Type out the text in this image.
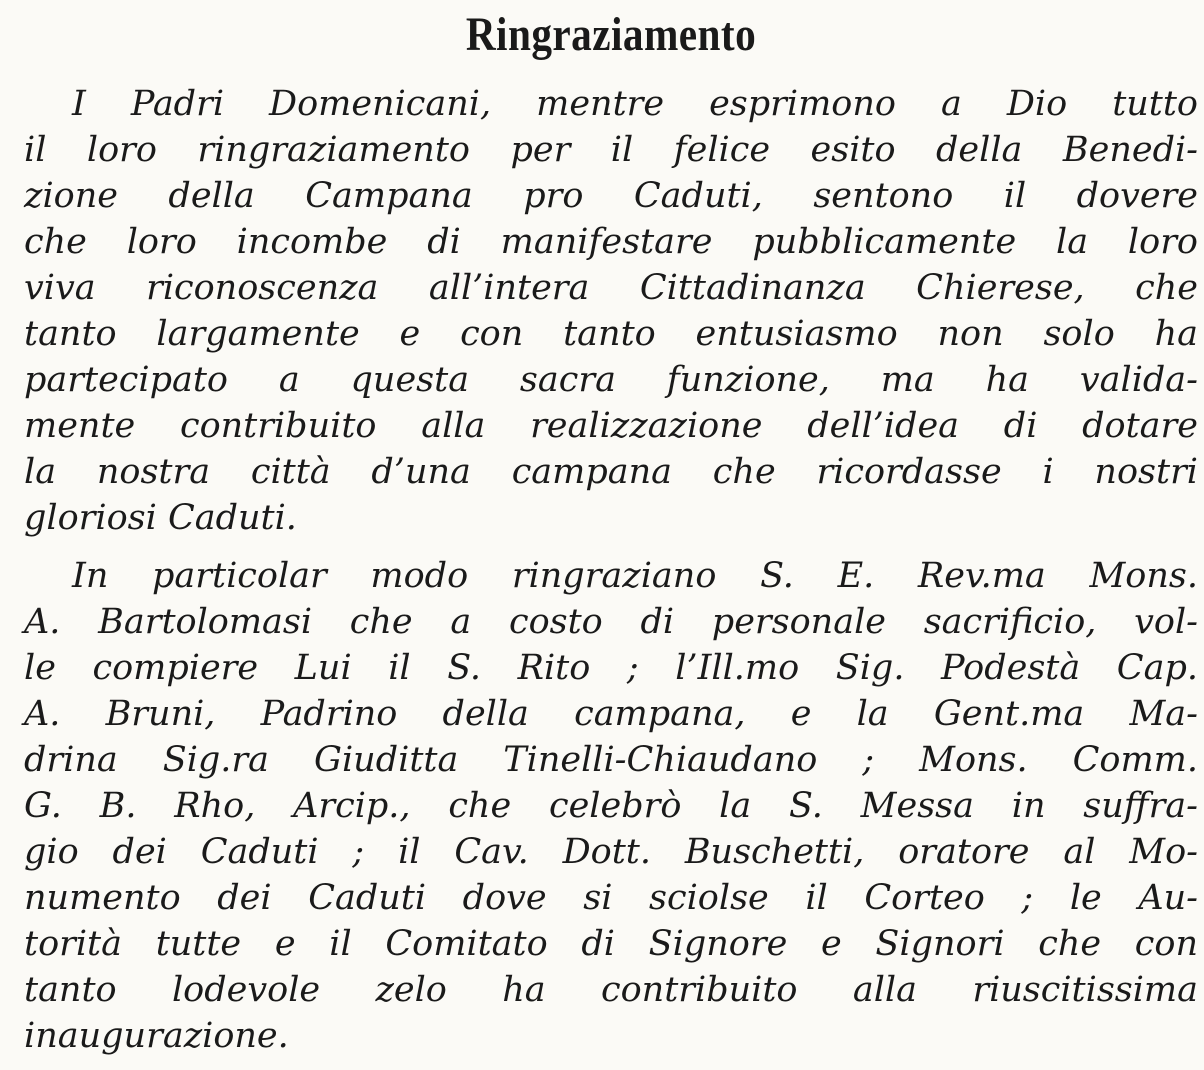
Ringraziamento
I Padri Domenicani, mentre esprimono a Dio tutto
il loro ringraziamento per il felice esito della Benedi-
zione della Campana pro Caduti, sentono il dovere
che loro incombe di manifestare pubblicamente la loro
viva riconoscenza all’intera Cittadinanza Chierese, che
tanto largamente e con tanto entusiasmo non solo ha
partecipato a questa sacra funzione, ma ha valida-
mente contribuito alla realizzazione dell’idea di dotare
la nostra città d’una campana che ricordasse i nostri
gloriosi Caduti.
In particolar modo ringraziano S. E. Rev.ma Mons.
A. Bartolomasi che a costo di personale sacrificio, vol-
le compiere Lui il S. Rito ; l’Ill.mo Sig. Podestà Cap.
A. Bruni, Padrino della campana, e la Gent.ma Ma-
drina Sig.ra Giuditta Tinelli-Chiaudano ; Mons. Comm.
G. B. Rho, Arcip., che celebrò la S. Messa in suffra-
gio dei Caduti ; il Cav. Dott. Buschetti, oratore al Mo-
numento dei Caduti dove si sciolse il Corteo ; le Au-
torità tutte e il Comitato di Signore e Signori che con
tanto lodevole zelo ha contribuito alla riuscitissima
inaugurazione.
